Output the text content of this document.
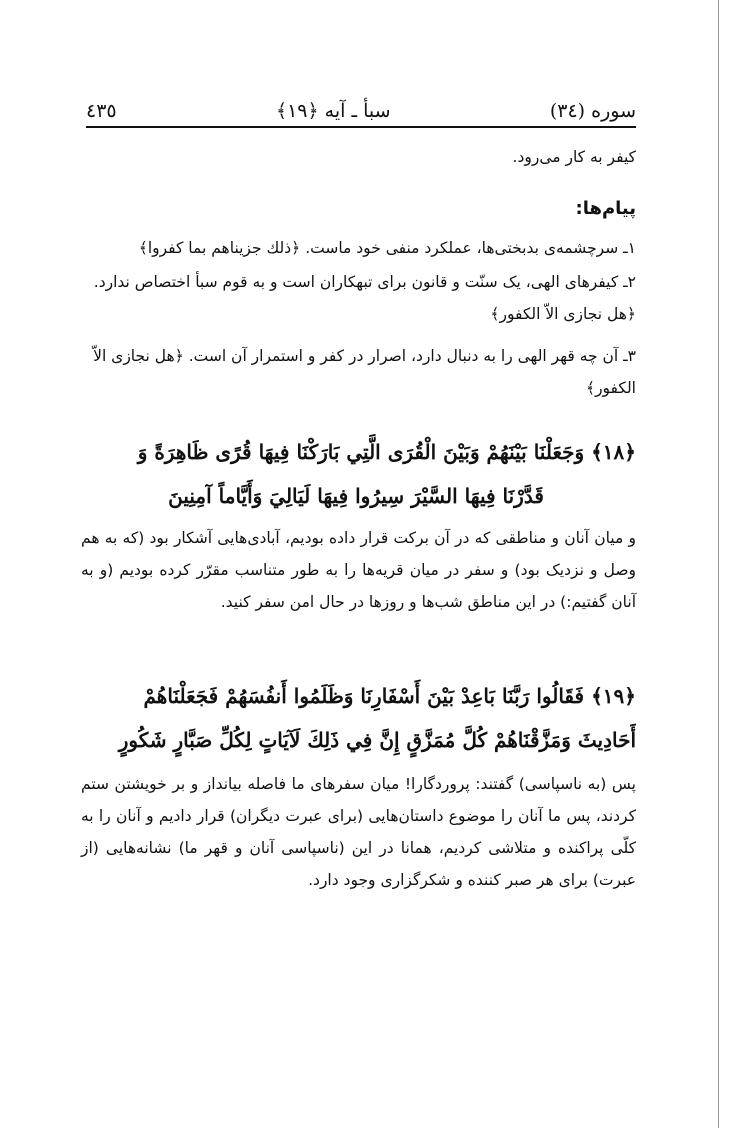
٤٣٥	سبأ ـ آیه ﴿١٩﴾	سوره (٣٤)
كیفر به كار می‌رود.
پیام‌ها:
١ـ سرچشمه‌ی بدبختی‌ها، عملكرد منفی خود ماست. ﴿ذلك جزیناهم بما كفروا﴾
٢ـ كیفرهای الهی، یک سنّت و قانون برای تبهكاران است و به قوم سبأ اختصاص ندارد. ﴿هل نجازی الاّ الكفور﴾
٣ـ آن چه قهر الهی را به دنبال دارد، اصرار در كفر و استمرار آن است. ﴿هل نجازی الاّ الكفور﴾
﴿١٨﴾ وَجَعَلْنَا بَيْنَهُمْ وَبَيْنَ الْقُرَى الَّتِي بَارَكْنَا فِيهَا قُرًى ظَاهِرَةً وَ
قَدَّرْنَا فِيهَا السَّيْرَ سِيرُوا فِيهَا لَيَالِيَ وَأَيَّاماً آمِنِينَ
و میان آنان و مناطقی كه در آن بركت قرار داده بودیم، آبادی‌هایی آشكار بود (كه به هم وصل و نزدیک بود) و سفر در میان قریه‌ها را به طور متناسب مقرّر كرده بودیم (و به آنان گفتیم:) در این مناطق شب‌ها و روزها در حال امن سفر كنید.
﴿١٩﴾ فَقَالُوا رَبَّنَا بَاعِدْ بَيْنَ أَسْفَارِنَا وَظَلَمُوا أَنفُسَهُمْ فَجَعَلْنَاهُمْ
أَحَادِيثَ وَمَزَّقْنَاهُمْ كُلَّ مُمَزَّقٍ إِنَّ فِي ذَلِكَ لَآيَاتٍ لِكُلِّ صَبَّارٍ شَكُورٍ
پس (به ناسپاسی) گفتند: پروردگارا! میان سفرهای ما فاصله بیانداز و بر خویشتن ستم كردند، پس ما آنان را موضوع داستان‌هایی (برای عبرت دیگران) قرار دادیم و آنان را به كلّی پراكنده و متلاشی كردیم، همانا در این (ناسپاسی آنان و قهر ما) نشانه‌هایی (از عبرت) برای هر صبر كننده و شكرگزاری وجود دارد.
